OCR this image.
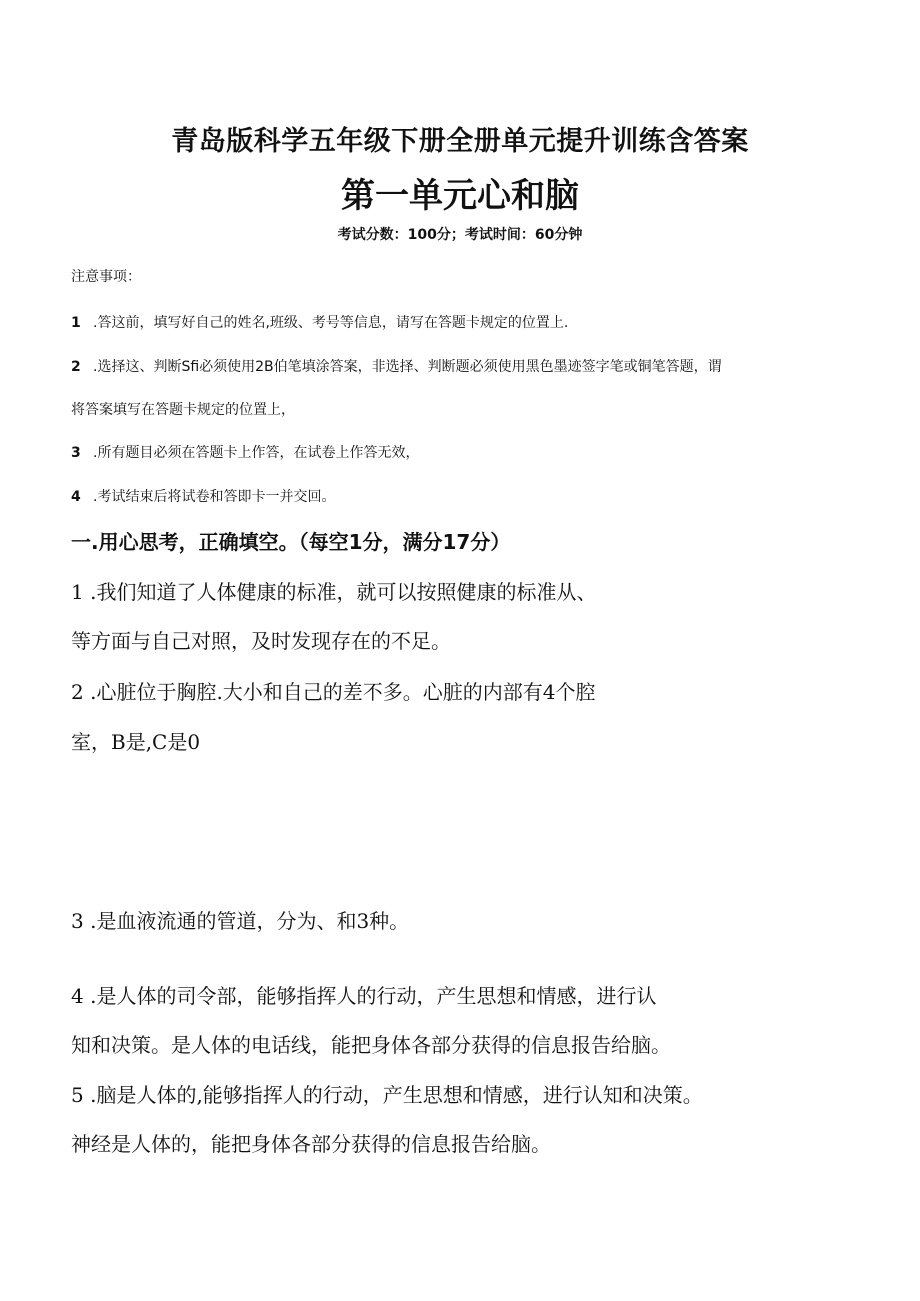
青岛版科学五年级下册全册单元提升训练含答案
第一单元心和脑

考试分数：100分；考试时间：60分钟

注意事项：

1 .答这前，填写好自己的姓名,班级、考号等信息，请写在答题卡规定的位置上.

2 .选择这、判断Sfi必须使用2B伯笔填涂答案，非选择、判断题必须使用黑色墨迹签字笔或铜笔答题，谓

将答案填写在答题卡规定的位置上，

3 .所有题目必须在答题卡上作答，在试卷上作答无效，

4 .考试结束后将试卷和答即卡一并交回。

一.用心思考，正确填空。（每空1分，满分17分）

1 .我们知道了人体健康的标准，就可以按照健康的标准从、

等方面与自己对照，及时发现存在的不足。

2 .心脏位于胸腔.大小和自己的差不多。心脏的内部有4个腔

室，B是,C是0

3 .是血液流通的管道，分为、和3种。

4 .是人体的司令部，能够指挥人的行动，产生思想和情感，进行认

知和决策。是人体的电话线，能把身体各部分获得的信息报告给脑。

5 .脑是人体的,能够指挥人的行动，产生思想和情感，进行认知和决策。

神经是人体的，能把身体各部分获得的信息报告给脑。
